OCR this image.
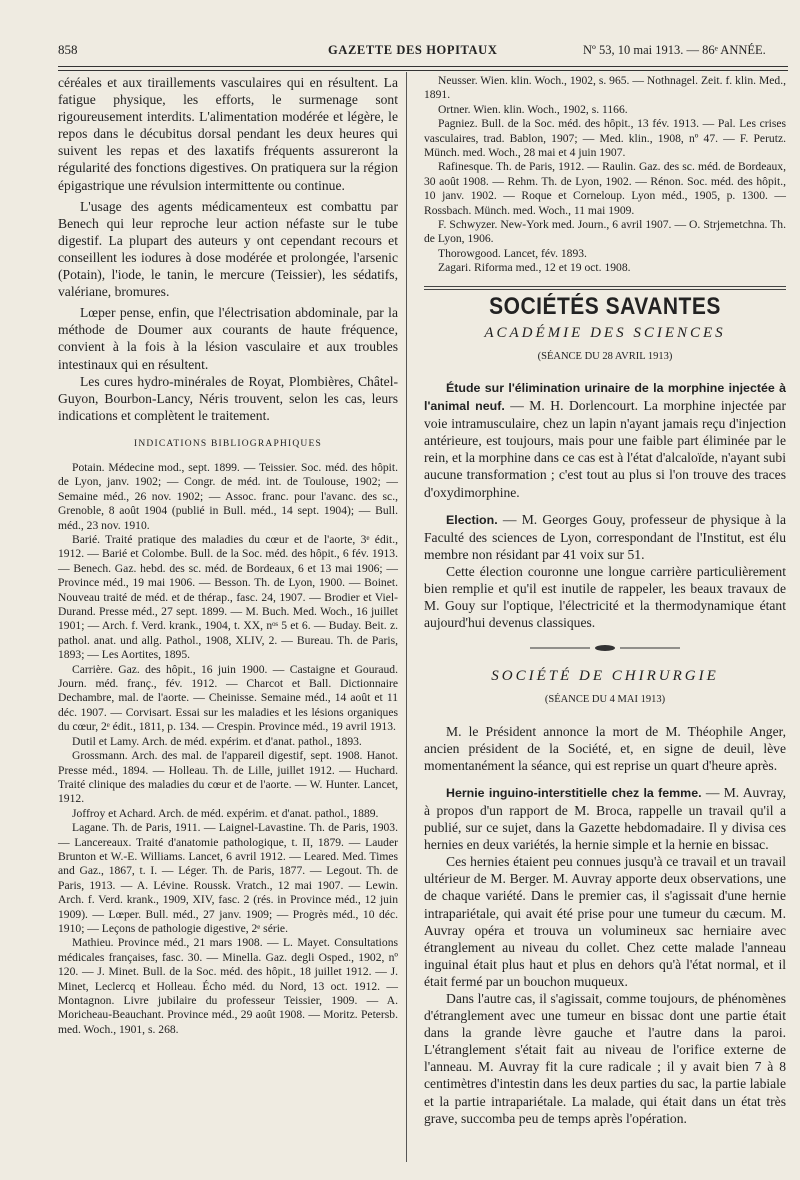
858	GAZETTE DES HOPITAUX	Nº 53, 10 mai 1913. — 86ᵉ ANNÉE.

céréales et aux tiraillements vasculaires qui en résultent. La fatigue physique, les efforts, le surmenage sont rigoureusement interdits. L'alimentation modérée et légère, le repos dans le décubitus dorsal pendant les deux heures qui suivent les repas et des laxatifs fréquents assureront la régularité des fonctions digestives. On pratiquera sur la région épigastrique une révulsion intermittente ou continue.

L'usage des agents médicamenteux est combattu par Benech qui leur reproche leur action néfaste sur le tube digestif. La plupart des auteurs y ont cependant recours et conseillent les iodures à dose modérée et prolongée, l'arsenic (Potain), l'iode, le tanin, le mercure (Teissier), les sédatifs, valériane, bromures.

Lœper pense, enfin, que l'électrisation abdominale, par la méthode de Doumer aux courants de haute fréquence, convient à la fois à la lésion vasculaire et aux troubles intestinaux qui en résultent.

Les cures hydro-minérales de Royat, Plombières, Châtel-Guyon, Bourbon-Lancy, Néris trouvent, selon les cas, leurs indications et complètent le traitement.

INDICATIONS BIBLIOGRAPHIQUES

Potain. Médecine mod., sept. 1899. — Teissier. Soc. méd. des hôpit. de Lyon, janv. 1902; — Congr. de méd. int. de Toulouse, 1902; — Semaine méd., 26 nov. 1902; — Assoc. franc. pour l'avanc. des sc., Grenoble, 8 août 1904 (publié in Bull. méd., 14 sept. 1904); — Bull. méd., 23 nov. 1910.

Barié. Traité pratique des maladies du cœur et de l'aorte, 3ᵉ édit., 1912. — Barié et Colombe. Bull. de la Soc. méd. des hôpit., 6 fév. 1913. — Benech. Gaz. hebd. des sc. méd. de Bordeaux, 6 et 13 mai 1906; — Province méd., 19 mai 1906. — Besson. Th. de Lyon, 1900. — Boinet. Nouveau traité de méd. et de thérap., fasc. 24, 1907. — Brodier et Viel-Durand. Presse méd., 27 sept. 1899. — M. Buch. Med. Woch., 16 juillet 1901; — Arch. f. Verd. krank., 1904, t. XX, nᵒˢ 5 et 6. — Buday. Beit. z. pathol. anat. und allg. Pathol., 1908, XLIV, 2. — Bureau. Th. de Paris, 1893; — Les Aortites, 1895.

Carrière. Gaz. des hôpit., 16 juin 1900. — Castaigne et Gouraud. Journ. méd. franç., fév. 1912. — Charcot et Ball. Dictionnaire Dechambre, mal. de l'aorte. — Cheinisse. Semaine méd., 14 août et 11 déc. 1907. — Corvisart. Essai sur les maladies et les lésions organiques du cœur, 2ᵉ édit., 1811, p. 134. — Crespin. Province méd., 19 avril 1913.

Dutil et Lamy. Arch. de méd. expérim. et d'anat. pathol., 1893.

Grossmann. Arch. des mal. de l'appareil digestif, sept. 1908. Hanot. Presse méd., 1894. — Holleau. Th. de Lille, juillet 1912. — Huchard. Traité clinique des maladies du cœur et de l'aorte. — W. Hunter. Lancet, 1912.

Joffroy et Achard. Arch. de méd. expérim. et d'anat. pathol., 1889.

Lagane. Th. de Paris, 1911. — Laignel-Lavastine. Th. de Paris, 1903. — Lancereaux. Traité d'anatomie pathologique, t. II, 1879. — Lauder Brunton et W.-E. Williams. Lancet, 6 avril 1912. — Leared. Med. Times and Gaz., 1867, t. I. — Léger. Th. de Paris, 1877. — Legout. Th. de Paris, 1913. — A. Lévine. Roussk. Vratch., 12 mai 1907. — Lewin. Arch. f. Verd. krank., 1909, XIV, fasc. 2 (rés. in Province méd., 12 juin 1909). — Lœper. Bull. méd., 27 janv. 1909; — Progrès méd., 10 déc. 1910; — Leçons de pathologie digestive, 2ᵉ série.

Mathieu. Province méd., 21 mars 1908. — L. Mayet. Consultations médicales françaises, fasc. 30. — Minella. Gaz. degli Osped., 1902, nº 120. — J. Minet. Bull. de la Soc. méd. des hôpit., 18 juillet 1912. — J. Minet, Leclercq et Holleau. Écho méd. du Nord, 13 oct. 1912. — Montagnon. Livre jubilaire du professeur Teissier, 1909. — A. Moricheau-Beauchant. Province méd., 29 août 1908. — Moritz. Petersb. med. Woch., 1901, s. 268.

Neusser. Wien. klin. Woch., 1902, s. 965. — Nothnagel. Zeit. f. klin. Med., 1891.

Ortner. Wien. klin. Woch., 1902, s. 1166.

Pagniez. Bull. de la Soc. méd. des hôpit., 13 fév. 1913. — Pal. Les crises vasculaires, trad. Bablon, 1907; — Med. klin., 1908, nº 47. — F. Perutz. Münch. med. Woch., 28 mai et 4 juin 1907.

Rafinesque. Th. de Paris, 1912. — Raulin. Gaz. des sc. méd. de Bordeaux, 30 août 1908. — Rehm. Th. de Lyon, 1902. — Rénon. Soc. méd. des hôpit., 10 janv. 1902. — Roque et Corneloup. Lyon méd., 1905, p. 1300. — Rossbach. Münch. med. Woch., 11 mai 1909.

F. Schwyzer. New-York med. Journ., 6 avril 1907. — O. Strjemetchna. Th. de Lyon, 1906.

Thorowgood. Lancet, fév. 1893.

Zagari. Riforma med., 12 et 19 oct. 1908.

SOCIÉTÉS SAVANTES
ACADÉMIE DES SCIENCES
(SÉANCE DU 28 AVRIL 1913)

Étude sur l'élimination urinaire de la morphine injectée à l'animal neuf. — M. H. Dorlencourt. La morphine injectée par voie intramusculaire, chez un lapin n'ayant jamais reçu d'injection antérieure, est toujours, mais pour une faible part éliminée par le rein, et la morphine dans ce cas est à l'état d'alcaloïde, n'ayant subi aucune transformation ; c'est tout au plus si l'on trouve des traces d'oxydimorphine.

Election. — M. Georges Gouy, professeur de physique à la Faculté des sciences de Lyon, correspondant de l'Institut, est élu membre non résidant par 41 voix sur 51.

Cette élection couronne une longue carrière particulièrement bien remplie et qu'il est inutile de rappeler, les beaux travaux de M. Gouy sur l'optique, l'électricité et la thermodynamique étant aujourd'hui devenus classiques.

SOCIÉTÉ DE CHIRURGIE
(SÉANCE DU 4 MAI 1913)

M. le Président annonce la mort de M. Théophile Anger, ancien président de la Société, et, en signe de deuil, lève momentanément la séance, qui est reprise un quart d'heure après.

Hernie inguino-interstitielle chez la femme. — M. Auvray, à propos d'un rapport de M. Broca, rappelle un travail qu'il a publié, sur ce sujet, dans la Gazette hebdomadaire. Il y divisa ces hernies en deux variétés, la hernie simple et la hernie en bissac.

Ces hernies étaient peu connues jusqu'à ce travail et un travail ultérieur de M. Berger. M. Auvray apporte deux observations, une de chaque variété. Dans le premier cas, il s'agissait d'une hernie intrapariétale, qui avait été prise pour une tumeur du cæcum. M. Auvray opéra et trouva un volumineux sac herniaire avec étranglement au niveau du collet. Chez cette malade l'anneau inguinal était plus haut et plus en dehors qu'à l'état normal, et il était fermé par un bouchon muqueux.

Dans l'autre cas, il s'agissait, comme toujours, de phénomènes d'étranglement avec une tumeur en bissac dont une partie était dans la grande lèvre gauche et l'autre dans la paroi. L'étranglement s'était fait au niveau de l'orifice externe de l'anneau. M. Auvray fit la cure radicale ; il y avait bien 7 à 8 centimètres d'intestin dans les deux parties du sac, la partie labiale et la partie intrapariétale. La malade, qui était dans un état très grave, succomba peu de temps après l'opération.
